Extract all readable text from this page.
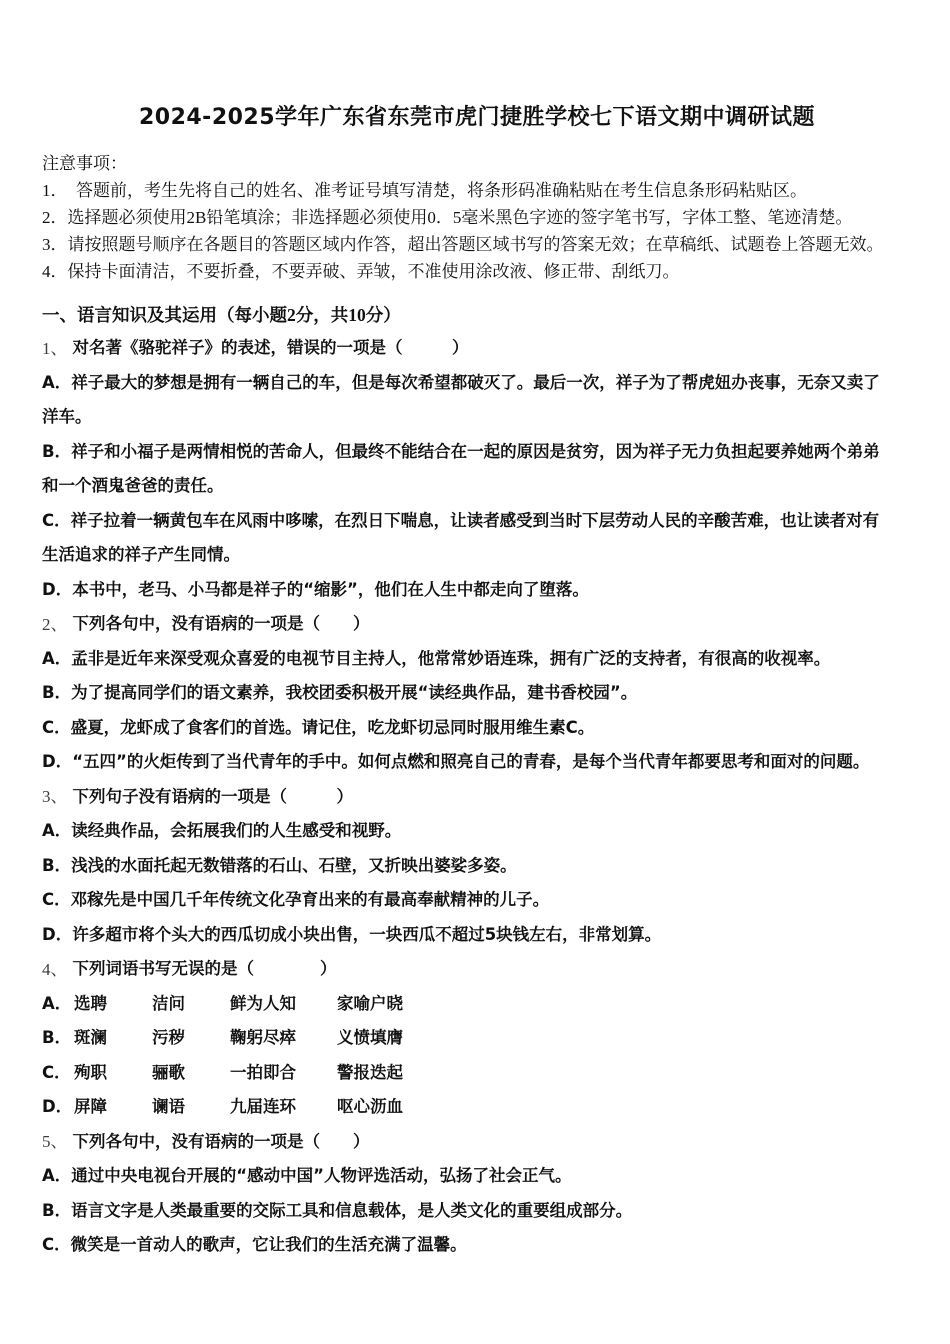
2024-2025学年广东省东莞市虎门捷胜学校七下语文期中调研试题
注意事项：
1．　答题前，考生先将自己的姓名、准考证号填写清楚，将条形码准确粘贴在考生信息条形码粘贴区。
2．选择题必须使用2B铅笔填涂；非选择题必须使用0．5毫米黑色字迹的签字笔书写，字体工整、笔迹清楚。
3．请按照题号顺序在各题目的答题区域内作答，超出答题区域书写的答案无效；在草稿纸、试题卷上答题无效。
4．保持卡面清洁，不要折叠，不要弄破、弄皱，不准使用涂改液、修正带、刮纸刀。
一、语言知识及其运用（每小题2分，共10分）
1、 对名著《骆驼祥子》的表述，错误的一项是（　　　）
A．祥子最大的梦想是拥有一辆自己的车，但是每次希望都破灭了。最后一次，祥子为了帮虎妞办丧事，无奈又卖了
洋车。
B．祥子和小福子是两情相悦的苦命人，但最终不能结合在一起的原因是贫穷，因为祥子无力负担起要养她两个弟弟
和一个酒鬼爸爸的责任。
C．祥子拉着一辆黄包车在风雨中哆嗦，在烈日下喘息，让读者感受到当时下层劳动人民的辛酸苦难，也让读者对有
生活追求的祥子产生同情。
D．本书中，老马、小马都是祥子的“缩影”，他们在人生中都走向了堕落。
2、 下列各句中，没有语病的一项是（　　）
A．孟非是近年来深受观众喜爱的电视节目主持人，他常常妙语连珠，拥有广泛的支持者，有很高的收视率。
B．为了提高同学们的语文素养，我校团委积极开展“读经典作品，建书香校园”。
C．盛夏，龙虾成了食客们的首选。请记住，吃龙虾切忌同时服用维生素C。
D．“五四”的火炬传到了当代青年的手中。如何点燃和照亮自己的青春，是每个当代青年都要思考和面对的问题。
3、 下列句子没有语病的一项是（　　　）
A．读经典作品，会拓展我们的人生感受和视野。
B．浅浅的水面托起无数错落的石山、石壁，又折映出婆娑多姿。
C．邓稼先是中国几千年传统文化孕育出来的有最高奉献精神的儿子。
D．许多超市将个头大的西瓜切成小块出售，一块西瓜不超过5块钱左右，非常划算。
4、 下列词语书写无误的是（　　　　）
A． 选聘	洁问	鲜为人知	家喻户晓
B． 斑澜	污秽	鞠躬尽瘁	义愤填膺
C． 殉职	骊歌	一拍即合	警报迭起
D． 屏障	谰语	九届连环	呕心沥血
5、 下列各句中，没有语病的一项是（　　）
A．通过中央电视台开展的“感动中国”人物评选活动，弘扬了社会正气。
B．语言文字是人类最重要的交际工具和信息载体，是人类文化的重要组成部分。
C．微笑是一首动人的歌声，它让我们的生活充满了温馨。
